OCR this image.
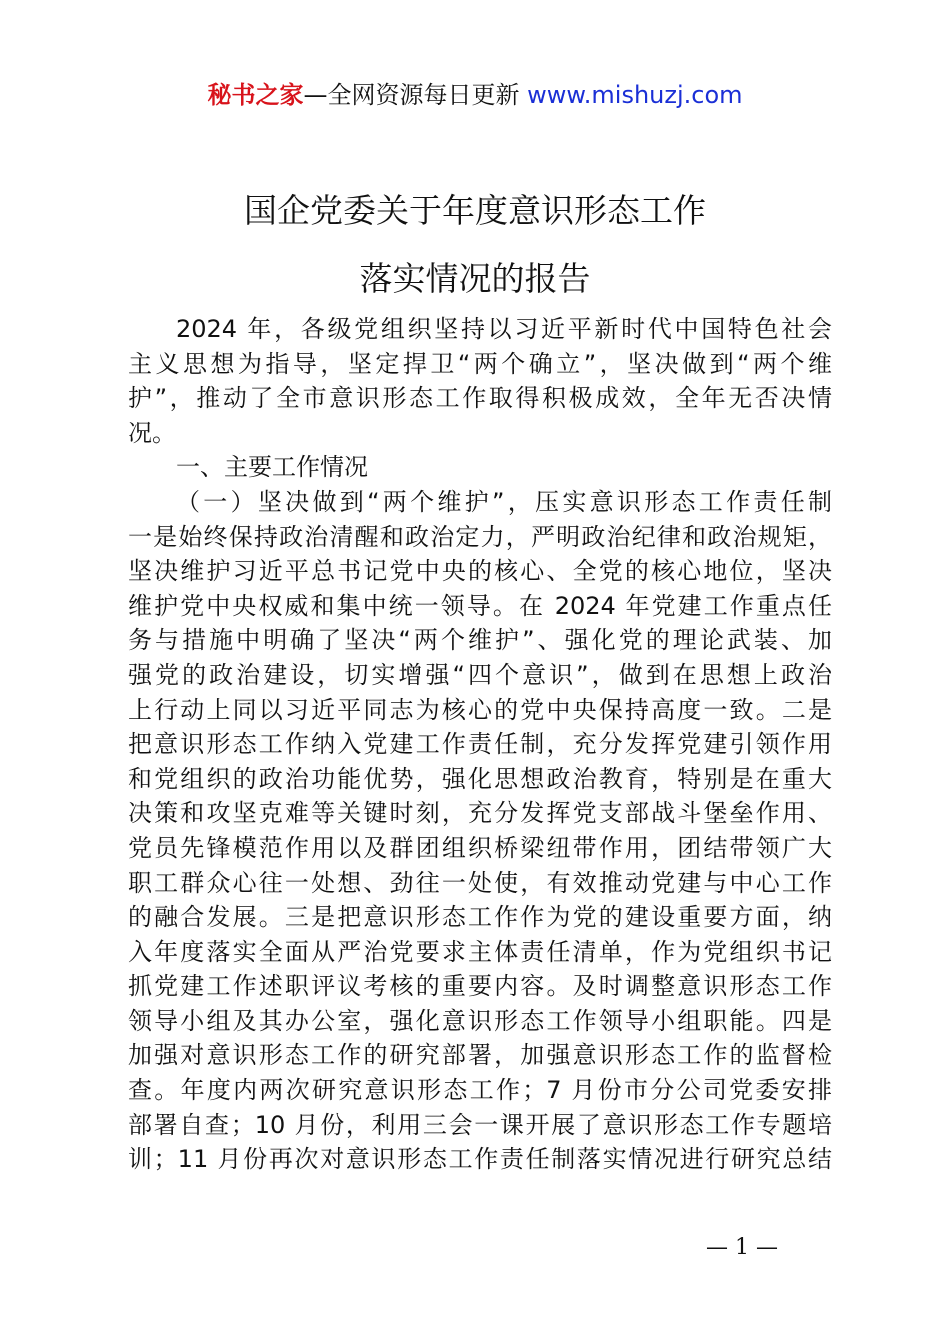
秘书之家—全网资源每日更新 www.mishuzj.com
国企党委关于年度意识形态工作
落实情况的报告
2024 年，各级党组织坚持以习近平新时代中国特色社会
主义思想为指导，坚定捍卫“两个确立”，坚决做到“两个维
护”，推动了全市意识形态工作取得积极成效，全年无否决情
况。
一、主要工作情况
（一）坚决做到“两个维护”，压实意识形态工作责任制
一是始终保持政治清醒和政治定力，严明政治纪律和政治规矩，
坚决维护习近平总书记党中央的核心、全党的核心地位，坚决
维护党中央权威和集中统一领导。在 2024 年党建工作重点任
务与措施中明确了坚决“两个维护”、强化党的理论武装、加
强党的政治建设，切实增强“四个意识”，做到在思想上政治
上行动上同以习近平同志为核心的党中央保持高度一致。二是
把意识形态工作纳入党建工作责任制，充分发挥党建引领作用
和党组织的政治功能优势，强化思想政治教育，特别是在重大
决策和攻坚克难等关键时刻，充分发挥党支部战斗堡垒作用、
党员先锋模范作用以及群团组织桥梁纽带作用，团结带领广大
职工群众心往一处想、劲往一处使，有效推动党建与中心工作
的融合发展。三是把意识形态工作作为党的建设重要方面，纳
入年度落实全面从严治党要求主体责任清单，作为党组织书记
抓党建工作述职评议考核的重要内容。及时调整意识形态工作
领导小组及其办公室，强化意识形态工作领导小组职能。四是
加强对意识形态工作的研究部署，加强意识形态工作的监督检
查。年度内两次研究意识形态工作；7 月份市分公司党委安排
部署自查；10 月份，利用三会一课开展了意识形态工作专题培
训；11 月份再次对意识形态工作责任制落实情况进行研究总结
— 1 —
